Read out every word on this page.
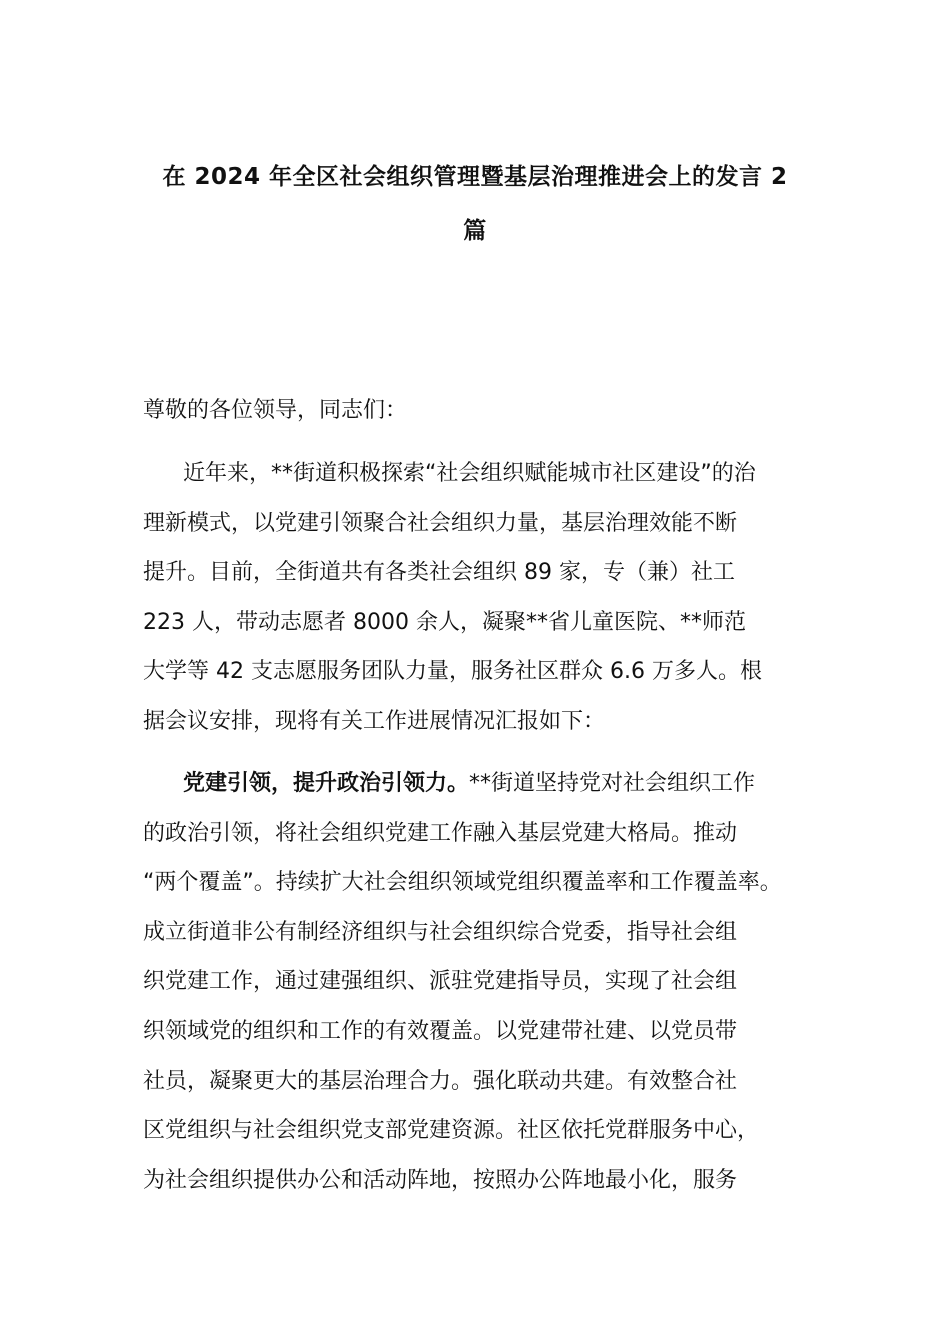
在 2024 年全区社会组织管理暨基层治理推进会上的发言 2
篇

尊敬的各位领导，同志们：

近年来，**街道积极探索“社会组织赋能城市社区建设”的治
理新模式，以党建引领聚合社会组织力量，基层治理效能不断
提升。目前，全街道共有各类社会组织 89 家，专（兼）社工
223 人，带动志愿者 8000 余人，凝聚**省儿童医院、**师范
大学等 42 支志愿服务团队力量，服务社区群众 6.6 万多人。根
据会议安排，现将有关工作进展情况汇报如下：
党建引领，提升政治引领力。**街道坚持党对社会组织工作
的政治引领，将社会组织党建工作融入基层党建大格局。推动
“两个覆盖”。持续扩大社会组织领域党组织覆盖率和工作覆盖率。
成立街道非公有制经济组织与社会组织综合党委，指导社会组
织党建工作，通过建强组织、派驻党建指导员，实现了社会组
织领域党的组织和工作的有效覆盖。以党建带社建、以党员带
社员，凝聚更大的基层治理合力。强化联动共建。有效整合社
区党组织与社会组织党支部党建资源。社区依托党群服务中心，
为社会组织提供办公和活动阵地，按照办公阵地最小化，服务
